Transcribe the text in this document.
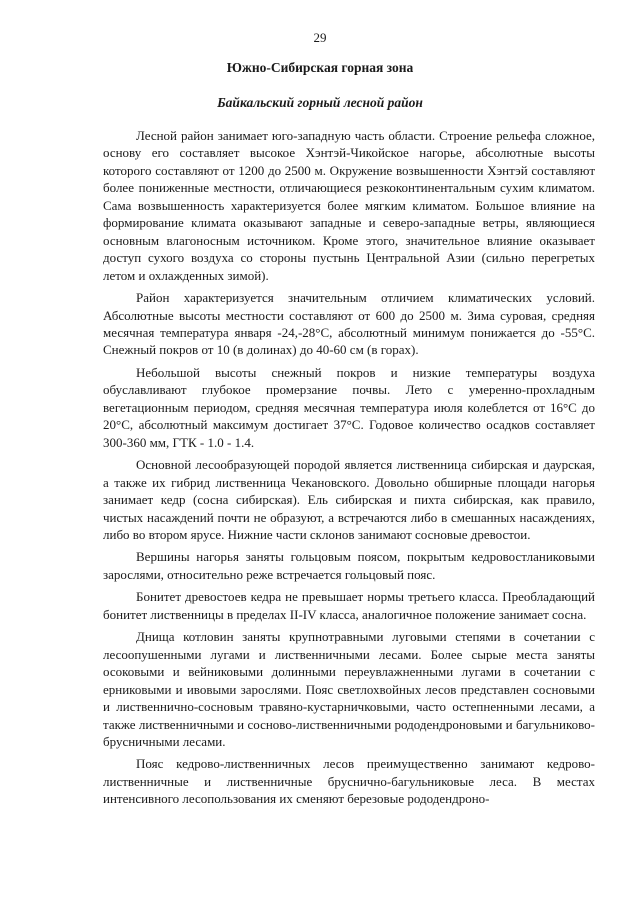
29
Южно-Сибирская горная зона
Байкальский горный лесной район

Лесной район занимает юго-западную часть области. Строение рельефа сложное, основу его составляет высокое Хэнтэй-Чикойское нагорье, абсолютные высоты которого составляют от 1200 до 2500 м. Окружение возвышенности Хэнтэй составляют более пониженные местности, отличающиеся резкоконтинентальным сухим климатом. Сама возвышенность характеризуется более мягким климатом. Большое влияние на формирование климата оказывают западные и северо-западные ветры, являющиеся основным влагоносным источником. Кроме этого, значительное влияние оказывает доступ сухого воздуха со стороны пустынь Центральной Азии (сильно перегретых летом и охлажденных зимой).

Район характеризуется значительным отличием климатических условий. Абсолютные высоты местности составляют от 600 до 2500 м. Зима суровая, средняя месячная температура января -24,-28°С, абсолютный минимум понижается до -55°С. Снежный покров от 10 (в долинах) до 40-60 см (в горах).

Небольшой высоты снежный покров и низкие температуры воздуха обуславливают глубокое промерзание почвы. Лето с умеренно-прохладным вегетационным периодом, средняя месячная температура июля колеблется от 16°С до 20°С, абсолютный максимум достигает 37°С. Годовое количество осадков составляет 300-360 мм, ГТК - 1.0 - 1.4.

Основной лесообразующей породой является лиственница сибирская и даурская, а также их гибрид лиственница Чекановского. Довольно обширные площади нагорья занимает кедр (сосна сибирская). Ель сибирская и пихта сибирская, как правило, чистых насаждений почти не образуют, а встречаются либо в смешанных насаждениях, либо во втором ярусе. Нижние части склонов занимают сосновые древостои.

Вершины нагорья заняты гольцовым поясом, покрытым кедровостланиковыми зарослями, относительно реже встречается гольцовый пояс.

Бонитет древостоев кедра не превышает нормы третьего класса. Преобладающий бонитет лиственницы в пределах II-IV класса, аналогичное положение занимает сосна.

Днища котловин заняты крупнотравными луговыми степями в сочетании с лесоопушенными лугами и лиственничными лесами. Более сырые места заняты осоковыми и вейниковыми долинными переувлажненными лугами в сочетании с ерниковыми и ивовыми зарослями. Пояс светлохвойных лесов представлен сосновыми и лиственнично-сосновым травяно-кустарничковыми, часто остепненными лесами, а также лиственничными и сосново-лиственничными рододендроновыми и багульниково-брусничными лесами.

Пояс кедрово-лиственничных лесов преимущественно занимают кедрово-лиственничные и лиственничные бруснично-багульниковые леса. В местах интенсивного лесопользования их сменяют березовые рододендроно-
